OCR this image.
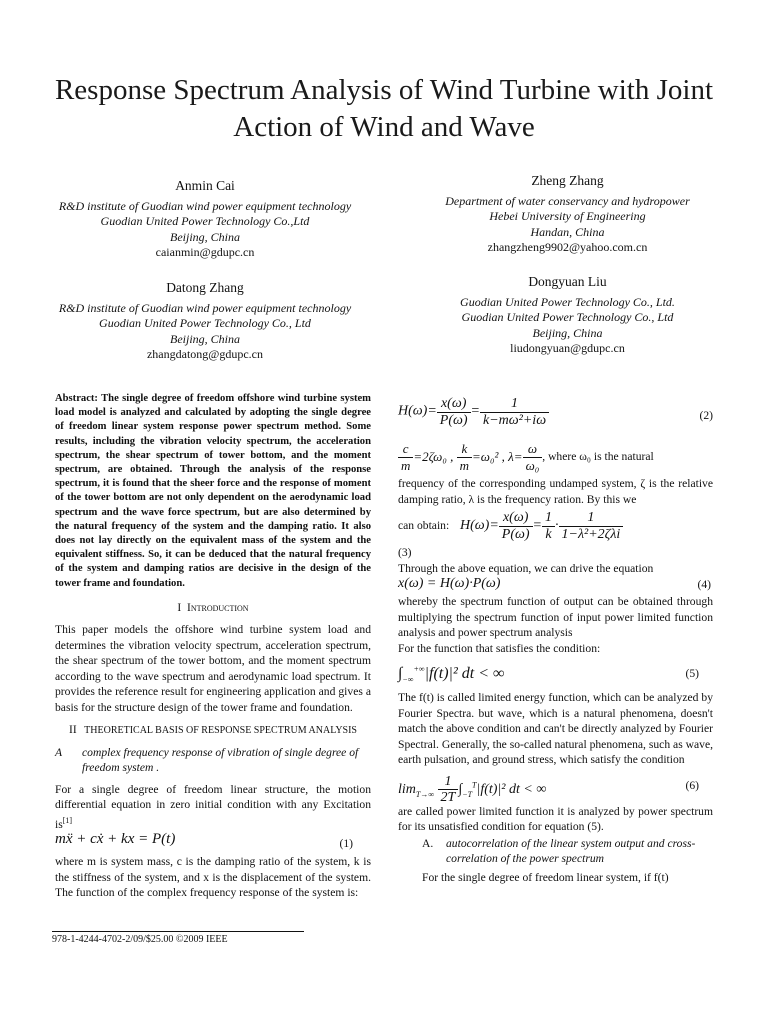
Response Spectrum Analysis of Wind Turbine with Joint Action of Wind and Wave
Anmin Cai
R&D institute of Guodian wind power equipment technology
Guodian United Power Technology Co.,Ltd
Beijing, China
caianmin@gdupc.cn
Zheng Zhang
Department of water conservancy and hydropower
Hebei University of Engineering
Handan, China
zhangzheng9902@yahoo.com.cn
Datong Zhang
R&D institute of Guodian wind power equipment technology
Guodian United Power Technology Co., Ltd
Beijing, China
zhangdatong@gdupc.cn
Dongyuan Liu
Guodian United Power Technology Co., Ltd.
Guodian United Power Technology Co., Ltd
Beijing, China
liudongyuan@gdupc.cn

Abstract: The single degree of freedom offshore wind turbine system load model is analyzed and calculated by adopting the single degree of freedom linear system response power spectrum method. Some results, including the vibration velocity spectrum, the acceleration spectrum, the shear spectrum of tower bottom, and the moment spectrum, are obtained. Through the analysis of the response spectrum, it is found that the sheer force and the response of moment of the tower bottom are not only dependent on the aerodynamic load spectrum and the wave force spectrum, but are also determined by the natural frequency of the system and the damping ratio. It also does not lay directly on the equivalent mass of the system and the equivalent stiffness. So, it can be deduced that the natural frequency of the system and damping ratios are decisive in the design of the tower frame and foundation.

I Introduction

This paper models the offshore wind turbine system load and determines the vibration velocity spectrum, acceleration spectrum, the shear spectrum of the tower bottom, and the moment spectrum according to the wave spectrum and aerodynamic load spectrum. It provides the reference result for engineering application and gives a basis for the structure design of the tower frame and foundation.

II THEORETICAL BASIS OF RESPONSE SPECTRUM ANALYSIS
A	complex frequency response of vibration of single degree of freedom system .

For a single degree of freedom linear structure, the motion differential equation in zero initial condition with any Excitation is[1]

mẍ + cẋ + kx = P(t)	(1)

where m is system mass, c is the damping ratio of the system, k is the stiffness of the system, and x is the displacement of the system. The function of the complex frequency response of the system is:

978-1-4244-4702-2/09/$25.00 ©2009 IEEE
$H(\omega)= \frac{x(\omega)}{P(\omega)} = \frac{1}{\text{k−mω²+iω}}$	(2)
$\frac{c}{m} =2\zeta\omega_0$ , $\frac{k}{m} =\omega_0^2$ , $\lambda= \frac{\omega}{\text{ω₀}}$ , where ω₀ is the natural

frequency of the corresponding undamped system, ζ is the relative damping ratio, λ is the frequency ration. By this we

can obtain: $H(\omega)= \frac{x(\omega)}{P(\omega)} = \frac{1}{k} \cdot \frac{1}{\text{1−λ²+2ζλi}}$

(3)

Through the above equation, we can drive the equation

x(ω) = H(ω)·P(ω)	(4)

whereby the spectrum function of output can be obtained through multiplying the spectrum function of input power limited function analysis and power spectrum analysis

For the function that satisfies the condition:

$\int_{-\infty}^{+\infty}|f(t)|^2$ dt < ∞	(5)

The f(t) is called limited energy function, which can be analyzed by Fourier Spectra. but wave, which is a natural phenomena, doesn't match the above condition and can't be directly analyzed by Fourier Spectral. Generally, the so-called natural phenomena, such as wave, earth pulsation, and ground stress, which satisfy the condition

$\lim_{T\to\infty} \frac{1}{2T} \int_{-T}^T|f(t)|^2$ dt < ∞	(6)

are called power limited function it is analyzed by power spectrum for its unsatisfied condition for equation (5).

A.	autocorrelation of the linear system output and cross-correlation of the power spectrum

For the single degree of freedom linear system, if f(t)
